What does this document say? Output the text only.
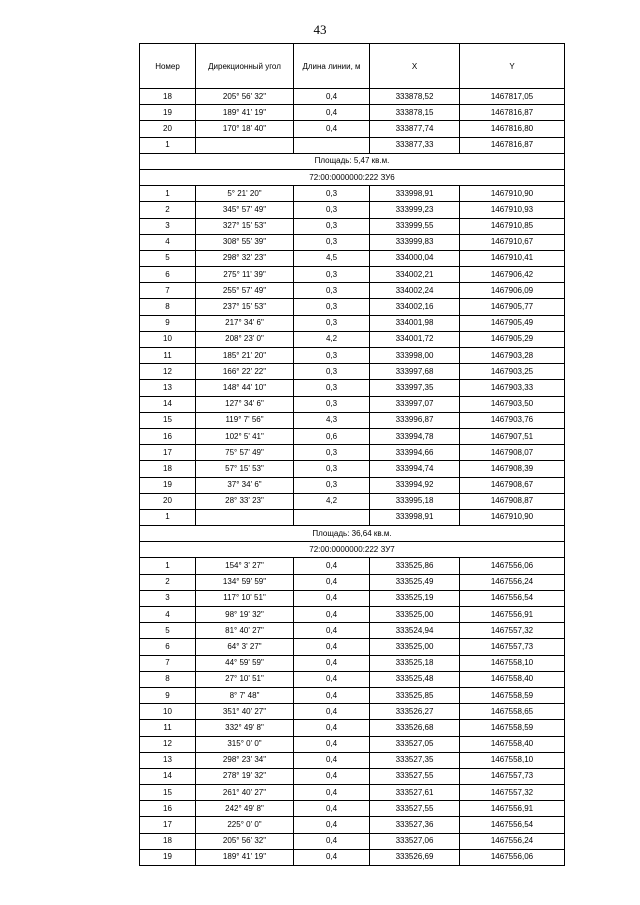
43
Номер	Дирекционный угол	Длина линии, м	X	Y
18	205° 56' 32"	0,4	333878,52	1467817,05
19	189° 41' 19"	0,4	333878,15	1467816,87
20	170° 18' 40"	0,4	333877,74	1467816,80
1			333877,33	1467816,87
Площадь: 5,47 кв.м.				
72:00:0000000:222 ЗУ6				
1	5° 21' 20"	0,3	333998,91	1467910,90
2	345° 57' 49"	0,3	333999,23	1467910,93
3	327° 15' 53"	0,3	333999,55	1467910,85
4	308° 55' 39"	0,3	333999,83	1467910,67
5	298° 32' 23"	4,5	334000,04	1467910,41
6	275° 11' 39"	0,3	334002,21	1467906,42
7	255° 57' 49"	0,3	334002,24	1467906,09
8	237° 15' 53"	0,3	334002,16	1467905,77
9	217° 34' 6"	0,3	334001,98	1467905,49
10	208° 23' 0"	4,2	334001,72	1467905,29
11	185° 21' 20"	0,3	333998,00	1467903,28
12	166° 22' 22"	0,3	333997,68	1467903,25
13	148° 44' 10"	0,3	333997,35	1467903,33
14	127° 34' 6"	0,3	333997,07	1467903,50
15	119° 7' 56"	4,3	333996,87	1467903,76
16	102° 5' 41"	0,6	333994,78	1467907,51
17	75° 57' 49"	0,3	333994,66	1467908,07
18	57° 15' 53"	0,3	333994,74	1467908,39
19	37° 34' 6"	0,3	333994,92	1467908,67
20	28° 33' 23"	4,2	333995,18	1467908,87
1			333998,91	1467910,90
Площадь: 36,64 кв.м.				
72:00:0000000:222 ЗУ7				
1	154° 3' 27"	0,4	333525,86	1467556,06
2	134° 59' 59"	0,4	333525,49	1467556,24
3	117° 10' 51"	0,4	333525,19	1467556,54
4	98° 19' 32"	0,4	333525,00	1467556,91
5	81° 40' 27"	0,4	333524,94	1467557,32
6	64° 3' 27"	0,4	333525,00	1467557,73
7	44° 59' 59"	0,4	333525,18	1467558,10
8	27° 10' 51"	0,4	333525,48	1467558,40
9	8° 7' 48"	0,4	333525,85	1467558,59
10	351° 40' 27"	0,4	333526,27	1467558,65
11	332° 49' 8"	0,4	333526,68	1467558,59
12	315° 0' 0"	0,4	333527,05	1467558,40
13	298° 23' 34"	0,4	333527,35	1467558,10
14	278° 19' 32"	0,4	333527,55	1467557,73
15	261° 40' 27"	0,4	333527,61	1467557,32
16	242° 49' 8"	0,4	333527,55	1467556,91
17	225° 0' 0"	0,4	333527,36	1467556,54
18	205° 56' 32"	0,4	333527,06	1467556,24
19	189° 41' 19"	0,4	333526,69	1467556,06
